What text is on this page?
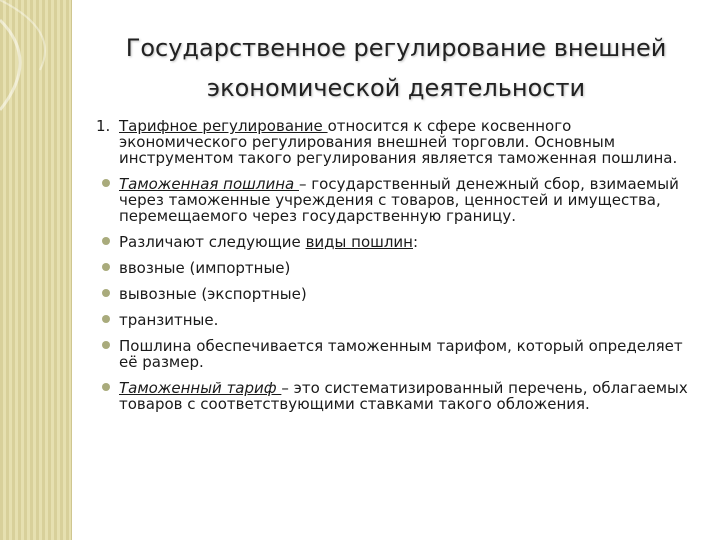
Государственное регулирование внешней
экономической деятельности
1. Тарифное регулирование относится к сфере косвенного экономического регулирования внешней торговли. Основным инструментом такого регулирования является таможенная пошлина.
Таможенная пошлина – государственный денежный сбор, взимаемый через таможенные учреждения с товаров, ценностей и имущества, перемещаемого через государственную границу.
Различают следующие виды пошлин:
ввозные (импортные)
вывозные (экспортные)
транзитные.
Пошлина обеспечивается таможенным тарифом, который определяет её размер.
Таможенный тариф – это систематизированный перечень, облагаемых товаров с соответствующими ставками такого обложения.
